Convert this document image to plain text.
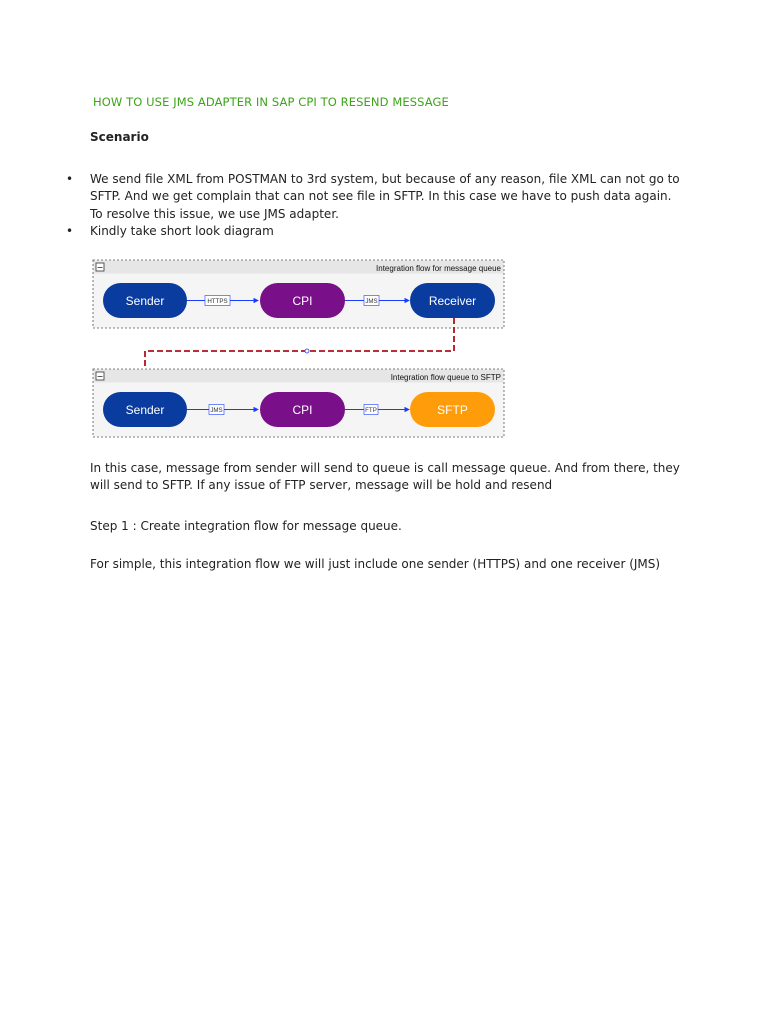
HOW TO USE JMS ADAPTER IN SAP CPI TO RESEND MESSAGE
Scenario
• We send file XML from POSTMAN to 3rd system, but because of any reason, file XML can not go to SFTP. And we get complain that can not see file in SFTP. In this case we have to push data again. To resolve this issue, we use JMS adapter.
• Kindly take short look diagram
−	Integration flow for message queue
Sender	HTTPS	CPI	JMS	Receiver
−	Integration flow queue to SFTP
Sender	JMS	CPI	FTP	SFTP
In this case, message from sender will send to queue is call message queue. And from there, they will send to SFTP. If any issue of FTP server, message will be hold and resend
Step 1 : Create integration flow for message queue.
For simple, this integration flow we will just include one sender (HTTPS) and one receiver (JMS)
